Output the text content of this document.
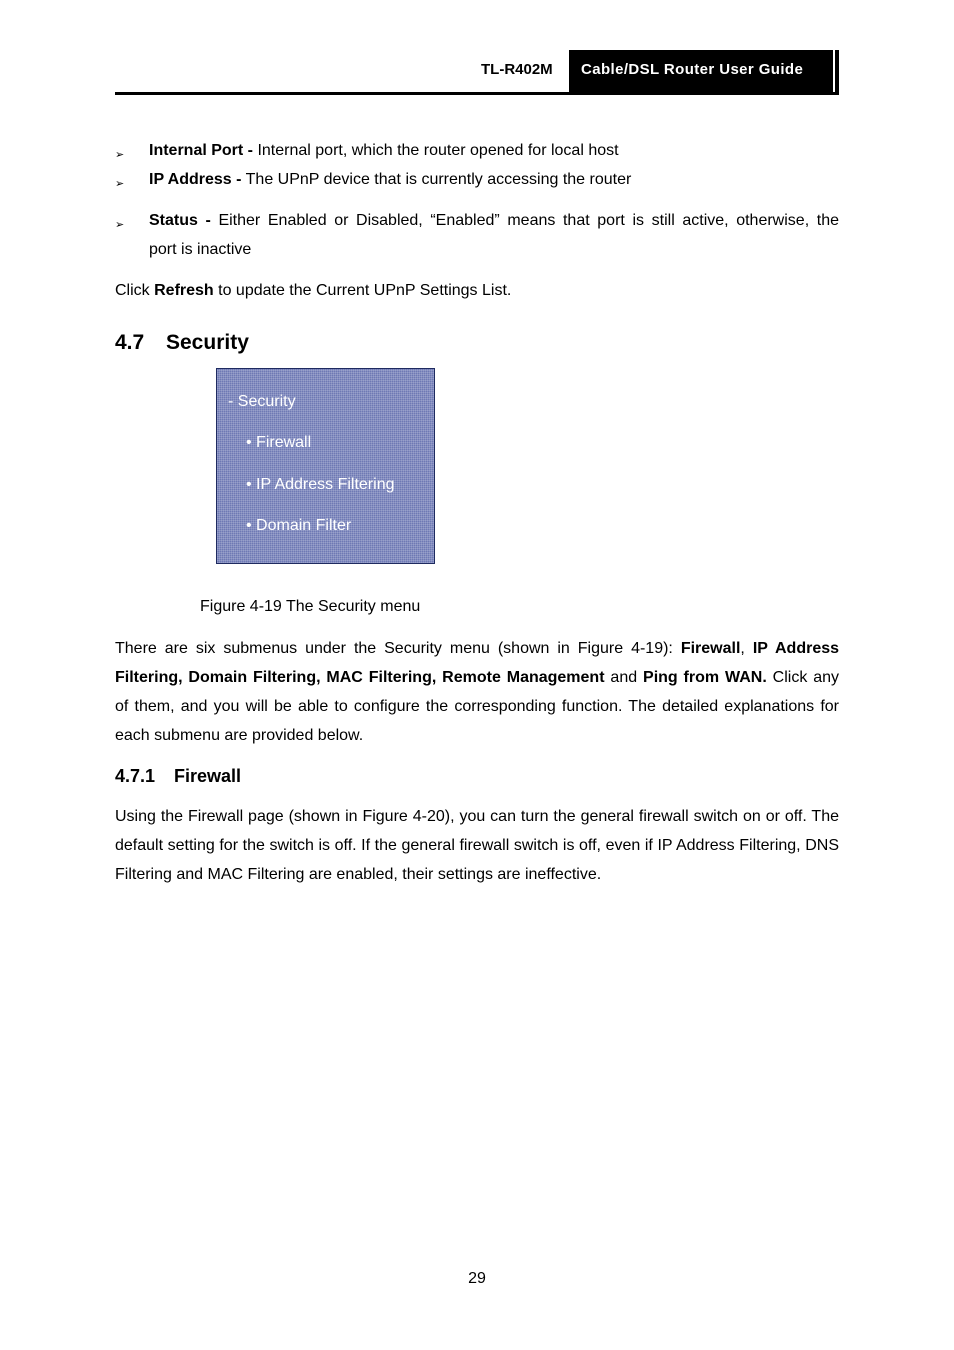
TL-R402M Cable/DSL Router User Guide
➢ Internal Port - Internal port, which the router opened for local host
➢ IP Address - The UPnP device that is currently accessing the router
➢ Status - Either Enabled or Disabled, “Enabled” means that port is still active, otherwise, the
port is inactive
Click Refresh to update the Current UPnP Settings List.
4.7 Security
- Security
• Firewall
• IP Address Filtering
• Domain Filter
Figure 4-19 The Security menu
There are six submenus under the Security menu (shown in Figure 4-19): Firewall, IP Address Filtering, Domain Filtering, MAC Filtering, Remote Management and Ping from WAN. Click any of them, and you will be able to configure the corresponding function. The detailed explanations for each submenu are provided below.
4.7.1 Firewall
Using the Firewall page (shown in Figure 4-20), you can turn the general firewall switch on or off. The default setting for the switch is off. If the general firewall switch is off, even if IP Address Filtering, DNS Filtering and MAC Filtering are enabled, their settings are ineffective.
29
